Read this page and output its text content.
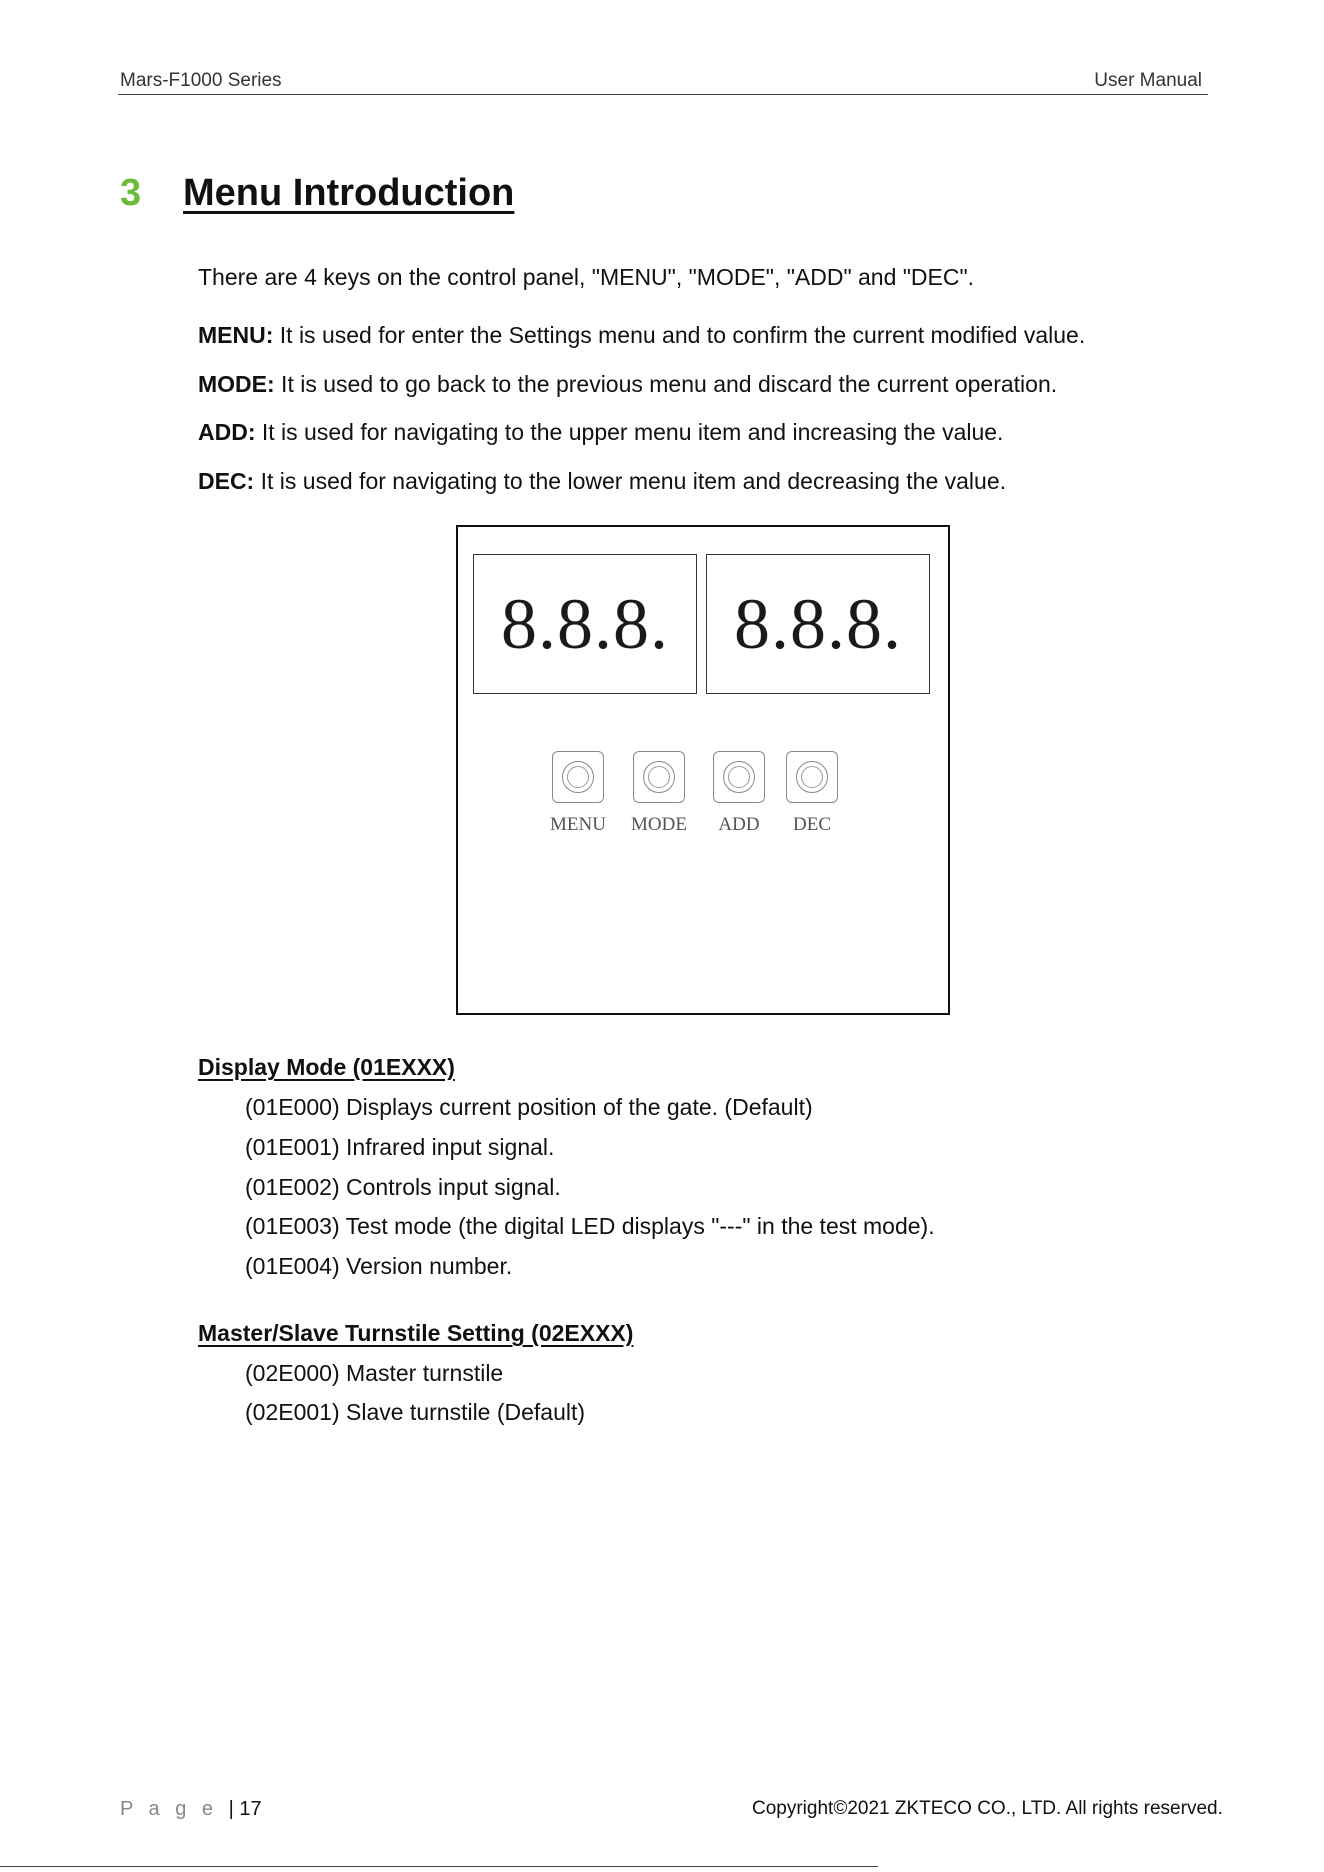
Mars-F1000 Series	User Manual
3 Menu Introduction
There are 4 keys on the control panel, "MENU", "MODE", "ADD" and "DEC".
MENU: It is used for enter the Settings menu and to confirm the current modified value.
MODE: It is used to go back to the previous menu and discard the current operation.
ADD: It is used for navigating to the upper menu item and increasing the value.
DEC: It is used for navigating to the lower menu item and decreasing the value.
8.8.8. 8.8.8.
MENU	MODE	ADD	DEC
Display Mode (01EXXX)
(01E000) Displays current position of the gate. (Default)
(01E001) Infrared input signal.
(01E002) Controls input signal.
(01E003) Test mode (the digital LED displays "---" in the test mode).
(01E004) Version number.
Master/Slave Turnstile Setting (02EXXX)
(02E000) Master turnstile
(02E001) Slave turnstile (Default)
P a g e | 17	Copyright©2021 ZKTECO CO., LTD. All rights reserved.
